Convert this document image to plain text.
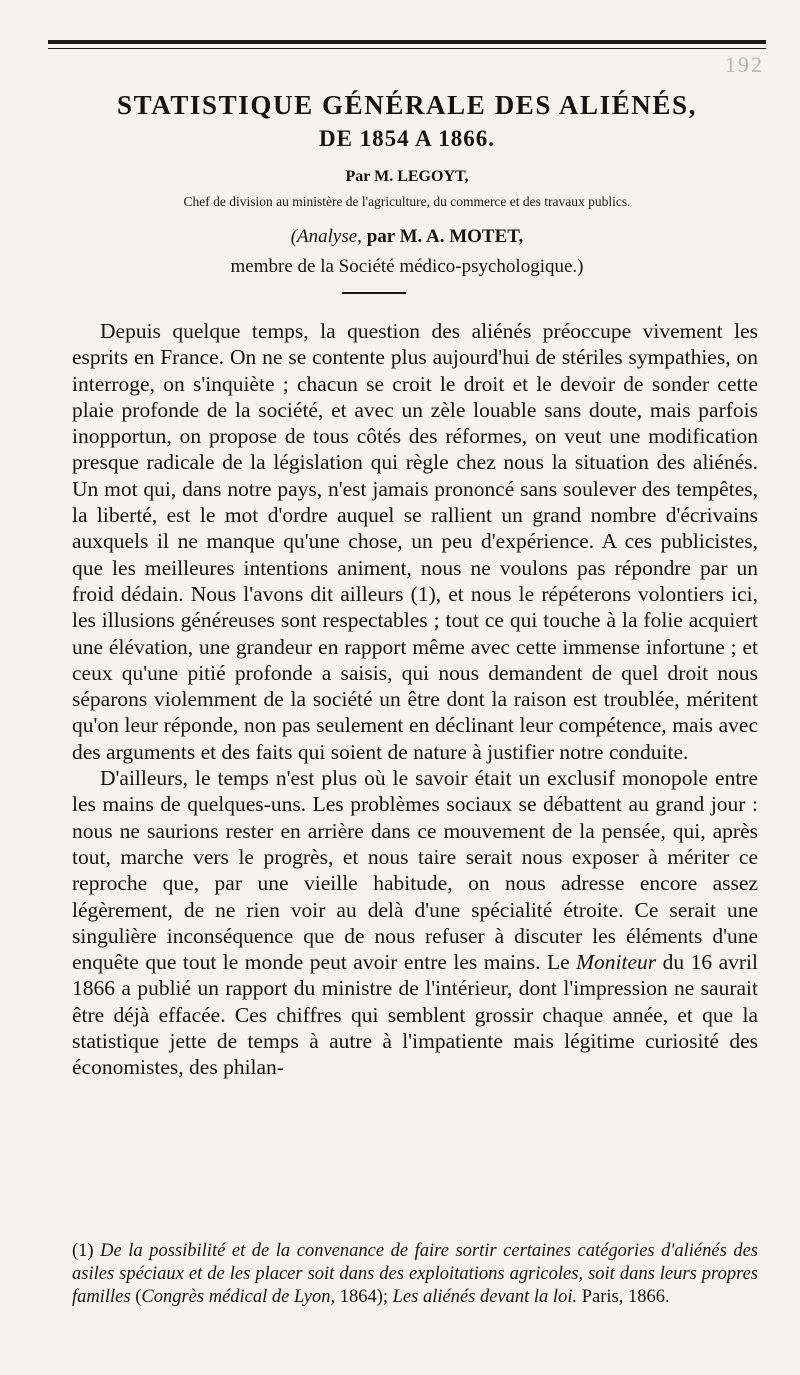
192
STATISTIQUE GÉNÉRALE DES ALIÉNÉS,
DE 1854 A 1866.
Par M. LEGOYT,
Chef de division au ministère de l'agriculture, du commerce et des travaux publics.
(Analyse, par M. A. MOTET,
membre de la Société médico-psychologique.)

Depuis quelque temps, la question des aliénés préoccupe vivement les esprits en France. On ne se contente plus aujourd'hui de stériles sympathies, on interroge, on s'inquiète ; chacun se croit le droit et le devoir de sonder cette plaie profonde de la société, et avec un zèle louable sans doute, mais parfois inopportun, on propose de tous côtés des réformes, on veut une modification presque radicale de la législation qui règle chez nous la situation des aliénés. Un mot qui, dans notre pays, n'est jamais prononcé sans soulever des tempêtes, la liberté, est le mot d'ordre auquel se rallient un grand nombre d'écrivains auxquels il ne manque qu'une chose, un peu d'expérience. A ces publicistes, que les meilleures intentions animent, nous ne voulons pas répondre par un froid dédain. Nous l'avons dit ailleurs (1), et nous le répéterons volontiers ici, les illusions généreuses sont respectables ; tout ce qui touche à la folie acquiert une élévation, une grandeur en rapport même avec cette immense infortune ; et ceux qu'une pitié profonde a saisis, qui nous demandent de quel droit nous séparons violemment de la société un être dont la raison est troublée, méritent qu'on leur réponde, non pas seulement en déclinant leur compétence, mais avec des arguments et des faits qui soient de nature à justifier notre conduite.

D'ailleurs, le temps n'est plus où le savoir était un exclusif monopole entre les mains de quelques-uns. Les problèmes sociaux se débattent au grand jour : nous ne saurions rester en arrière dans ce mouvement de la pensée, qui, après tout, marche vers le progrès, et nous taire serait nous exposer à mériter ce reproche que, par une vieille habitude, on nous adresse encore assez légèrement, de ne rien voir au delà d'une spécialité étroite. Ce serait une singulière inconséquence que de nous refuser à discuter les éléments d'une enquête que tout le monde peut avoir entre les mains. Le Moniteur du 16 avril 1866 a publié un rapport du ministre de l'intérieur, dont l'impression ne saurait être déjà effacée. Ces chiffres qui semblent grossir chaque année, et que la statistique jette de temps à autre à l'impatiente mais légitime curiosité des économistes, des philan-

(1) De la possibilité et de la convenance de faire sortir certaines catégories d'aliénés des asiles spéciaux et de les placer soit dans des exploitations agricoles, soit dans leurs propres familles (Congrès médical de Lyon, 1864); Les aliénés devant la loi. Paris, 1866.
